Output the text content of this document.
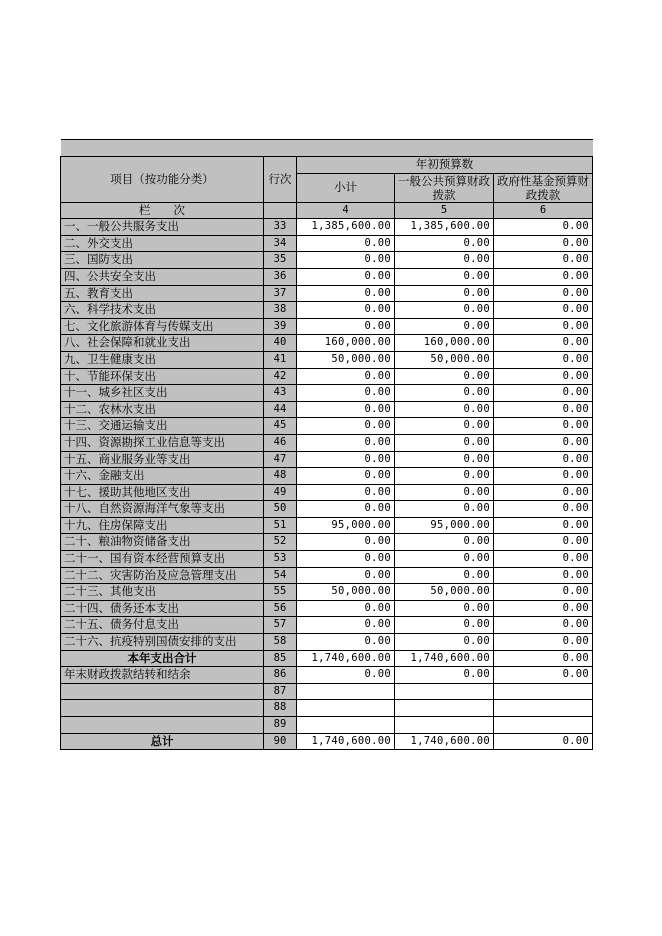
项目（按功能分类）	行次	年初预算数		
		小计	一般公共预算财政拨款	政府性基金预算财政拨款

栏　　次		4	5	6
一、一般公共服务支出	33	1,385,600.00	1,385,600.00	0.00
二、外交支出	34	0.00	0.00	0.00
三、国防支出	35	0.00	0.00	0.00
四、公共安全支出	36	0.00	0.00	0.00
五、教育支出	37	0.00	0.00	0.00
六、科学技术支出	38	0.00	0.00	0.00
七、文化旅游体育与传媒支出	39	0.00	0.00	0.00
八、社会保障和就业支出	40	160,000.00	160,000.00	0.00
九、卫生健康支出	41	50,000.00	50,000.00	0.00
十、节能环保支出	42	0.00	0.00	0.00
十一、城乡社区支出	43	0.00	0.00	0.00
十二、农林水支出	44	0.00	0.00	0.00
十三、交通运输支出	45	0.00	0.00	0.00
十四、资源勘探工业信息等支出	46	0.00	0.00	0.00
十五、商业服务业等支出	47	0.00	0.00	0.00
十六、金融支出	48	0.00	0.00	0.00
十七、援助其他地区支出	49	0.00	0.00	0.00
十八、自然资源海洋气象等支出	50	0.00	0.00	0.00
十九、住房保障支出	51	95,000.00	95,000.00	0.00
二十、粮油物资储备支出	52	0.00	0.00	0.00
二十一、国有资本经营预算支出	53	0.00	0.00	0.00
二十二、灾害防治及应急管理支出	54	0.00	0.00	0.00
二十三、其他支出	55	50,000.00	50,000.00	0.00
二十四、债务还本支出	56	0.00	0.00	0.00
二十五、债务付息支出	57	0.00	0.00	0.00
二十六、抗疫特别国债安排的支出	58	0.00	0.00	0.00
本年支出合计	85	1,740,600.00	1,740,600.00	0.00
年末财政拨款结转和结余	86	0.00	0.00	0.00
	87			
	88			
	89			
总计	90	1,740,600.00	1,740,600.00	0.00
